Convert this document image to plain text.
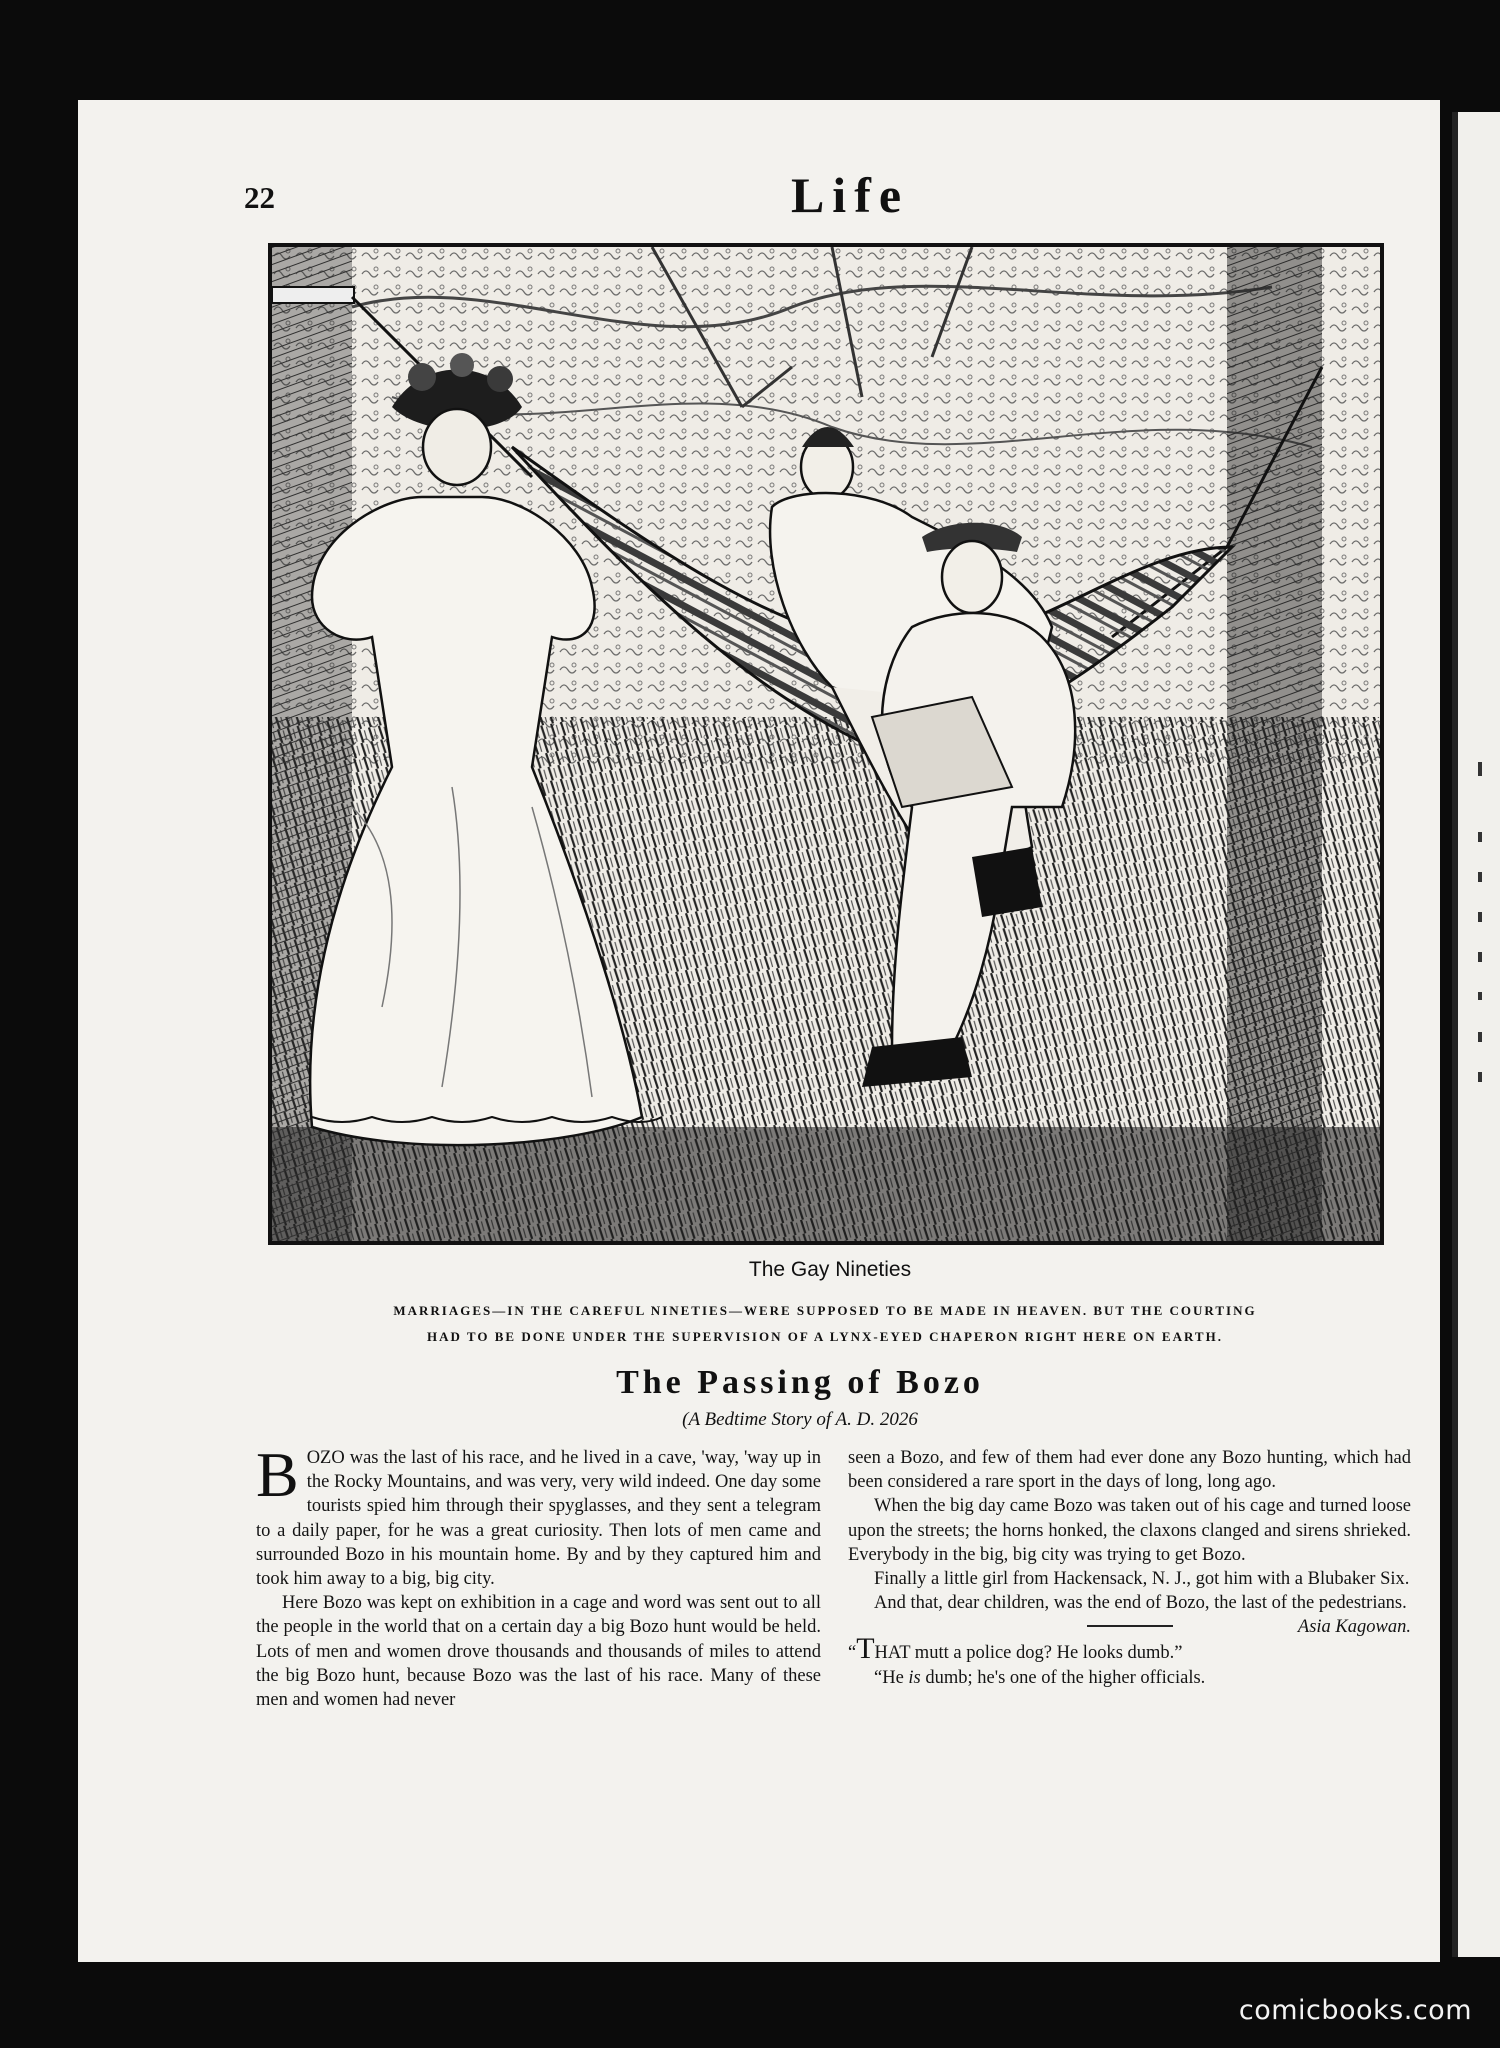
22	Life
The Gay Nineties
MARRIAGES—IN THE CAREFUL NINETIES—WERE SUPPOSED TO BE MADE IN HEAVEN. BUT THE COURTING
HAD TO BE DONE UNDER THE SUPERVISION OF A LYNX-EYED CHAPERON RIGHT HERE ON EARTH.
The Passing of Bozo
(A Bedtime Story of A. D. 2026

BOZO was the last of his race, and he lived in a cave, 'way, 'way up in the Rocky Mountains, and was very, very wild indeed. One day some tourists spied him through their spyglasses, and they sent a telegram to a daily paper, for he was a great curiosity. Then lots of men came and surrounded Bozo in his mountain home. By and by they captured him and took him away to a big, big city.

Here Bozo was kept on exhibition in a cage and word was sent out to all the people in the world that on a certain day a big Bozo hunt would be held. Lots of men and women drove thousands and thousands of miles to attend the big Bozo hunt, because Bozo was the last of his race. Many of these men and women had never

seen a Bozo, and few of them had ever done any Bozo hunting, which had been considered a rare sport in the days of long, long ago.

When the big day came Bozo was taken out of his cage and turned loose upon the streets; the horns honked, the claxons clanged and sirens shrieked. Everybody in the big, big city was trying to get Bozo.

Finally a little girl from Hackensack, N. J., got him with a Blubaker Six.

And that, dear children, was the end of Bozo, the last of the pedestrians.
Asia Kagowan.

“THAT mutt a police dog? He looks dumb.”

“He is dumb; he's one of the higher officials.

comicbooks.com
